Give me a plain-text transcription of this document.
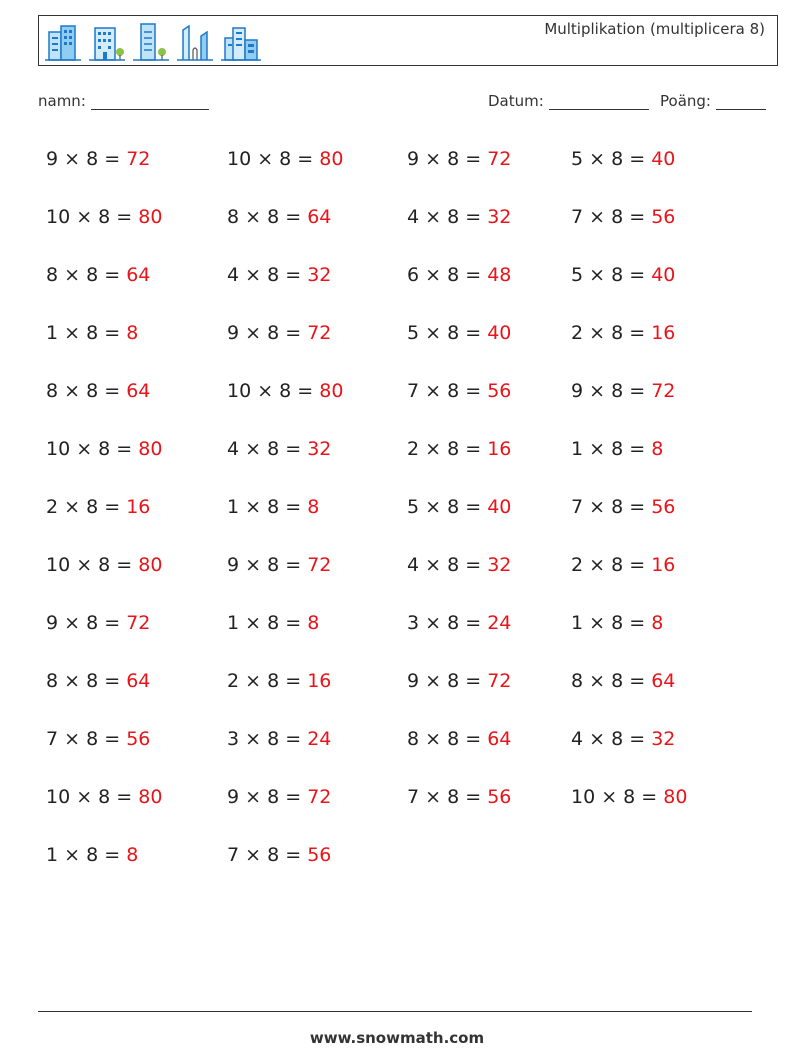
Multiplikation (multiplicera 8)
namn:	Datum:	Poäng:
9 × 8 = 72	10 × 8 = 80	9 × 8 = 72	5 × 8 = 40
10 × 8 = 80	8 × 8 = 64	4 × 8 = 32	7 × 8 = 56
8 × 8 = 64	4 × 8 = 32	6 × 8 = 48	5 × 8 = 40
1 × 8 = 8	9 × 8 = 72	5 × 8 = 40	2 × 8 = 16
8 × 8 = 64	10 × 8 = 80	7 × 8 = 56	9 × 8 = 72
10 × 8 = 80	4 × 8 = 32	2 × 8 = 16	1 × 8 = 8
2 × 8 = 16	1 × 8 = 8	5 × 8 = 40	7 × 8 = 56
10 × 8 = 80	9 × 8 = 72	4 × 8 = 32	2 × 8 = 16
9 × 8 = 72	1 × 8 = 8	3 × 8 = 24	1 × 8 = 8
8 × 8 = 64	2 × 8 = 16	9 × 8 = 72	8 × 8 = 64
7 × 8 = 56	3 × 8 = 24	8 × 8 = 64	4 × 8 = 32
10 × 8 = 80	9 × 8 = 72	7 × 8 = 56	10 × 8 = 80
1 × 8 = 8	7 × 8 = 56
www.snowmath.com
